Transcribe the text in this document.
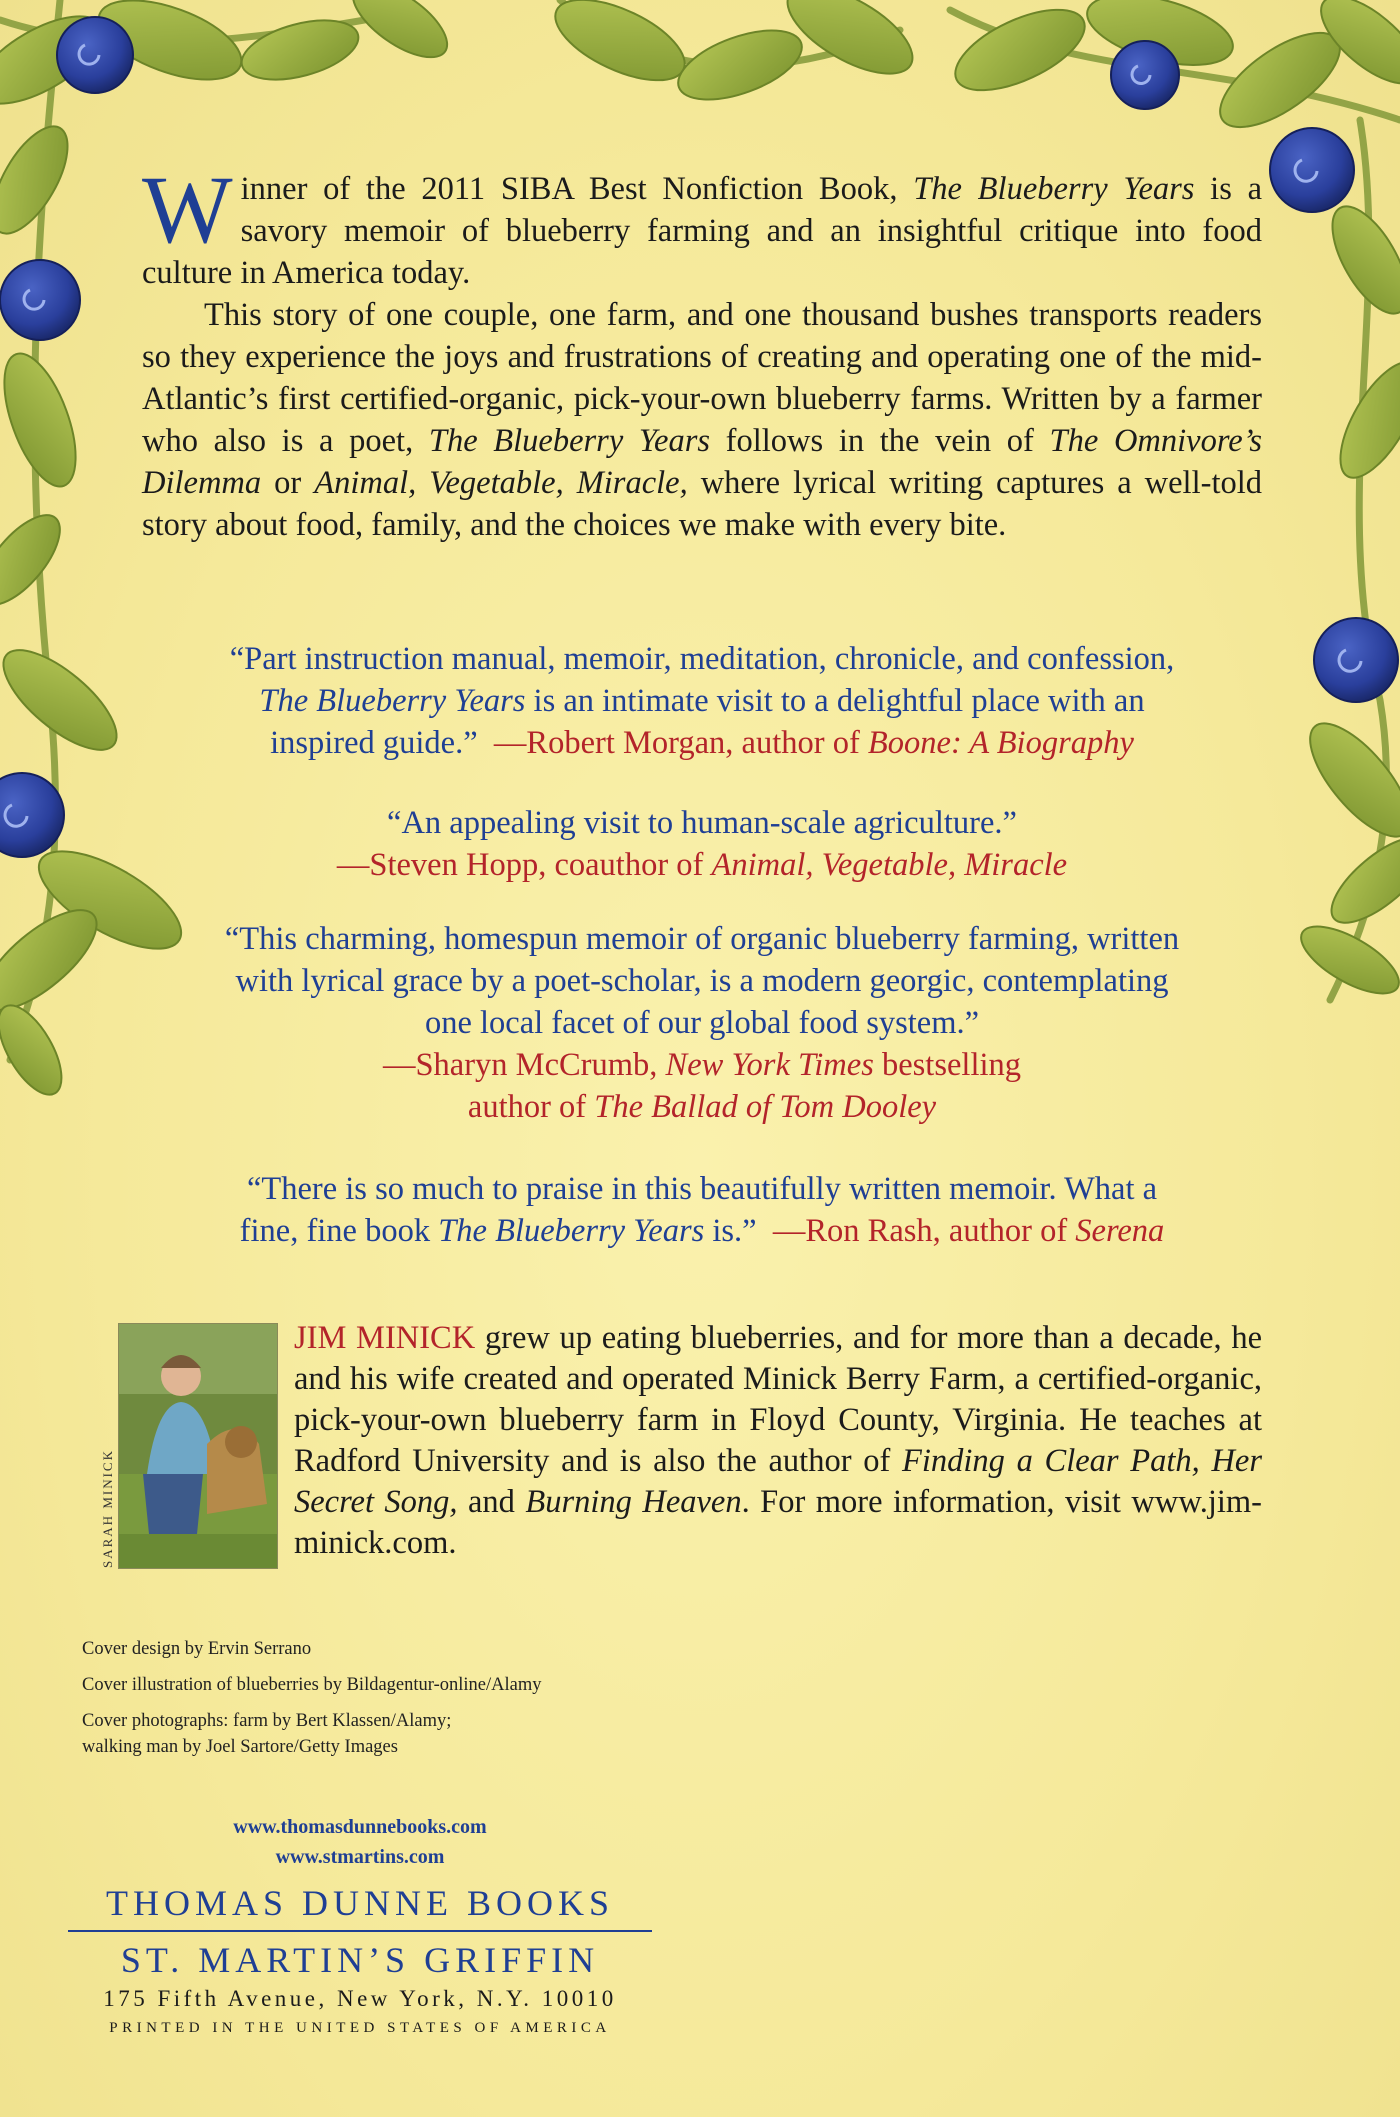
Winner of the 2011 SIBA Best Nonfiction Book, The Blueberry Years is a savory memoir of blueberry farming and an insightful critique into food culture in America today.

This story of one couple, one farm, and one thousand bushes transports readers so they experience the joys and frustrations of creating and operating one of the mid-Atlantic’s first certified-organic, pick-your-own blueberry farms. Written by a farmer who also is a poet, The Blueberry Years follows in the vein of The Omnivore’s Dilemma or Animal, Vegetable, Miracle, where lyrical writing captures a well-told story about food, family, and the choices we make with every bite.

“Part instruction manual, memoir, meditation, chronicle, and confession,
The Blueberry Years is an intimate visit to a delightful place with an
inspired guide.” —Robert Morgan, author of Boone: A Biography
“An appealing visit to human-scale agriculture.”
—Steven Hopp, coauthor of Animal, Vegetable, Miracle
“This charming, homespun memoir of organic blueberry farming, written
with lyrical grace by a poet-scholar, is a modern georgic, contemplating
one local facet of our global food system.”
—Sharyn McCrumb, New York Times bestselling
author of The Ballad of Tom Dooley
“There is so much to praise in this beautifully written memoir. What a
fine, fine book The Blueberry Years is.” —Ron Rash, author of Serena
SARAH MINICK

JIM MINICK grew up eating blueberries, and for more than a decade, he and his wife created and operated Minick Berry Farm, a certified-organic, pick-your-own blueberry farm in Floyd County, Virginia. He teaches at Radford University and is also the author of Finding a Clear Path, Her Secret Song, and Burning Heaven. For more information, visit www.jim-minick.com.

Cover design by Ervin Serrano
Cover illustration of blueberries by Bildagentur-online/Alamy
Cover photographs: farm by Bert Klassen/Alamy;
walking man by Joel Sartore/Getty Images
www.thomasdunnebooks.com
www.stmartins.com
THOMAS DUNNE BOOKS
ST. MARTIN’S GRIFFIN
175 Fifth Avenue, New York, N.Y. 10010
PRINTED IN THE UNITED STATES OF AMERICA
